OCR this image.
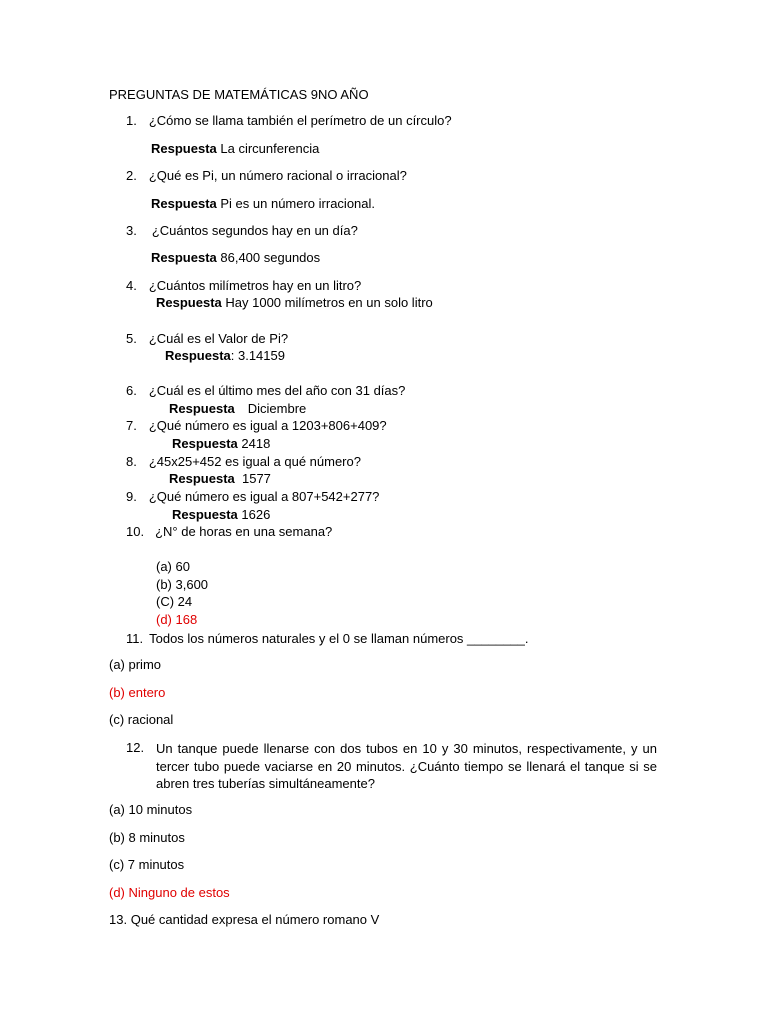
PREGUNTAS DE MATEMÁTICAS 9NO AÑO
1. ¿Cómo se llama también el perímetro de un círculo?
Respuesta La circunferencia
2. ¿Qué es Pi, un número racional o irracional?
Respuesta Pi es un número irracional.
3. ¿Cuántos segundos hay en un día?
Respuesta 86,400 segundos
4. ¿Cuántos milímetros hay en un litro?
Respuesta Hay 1000 milímetros en un solo litro
5. ¿Cuál es el Valor de Pi?
Respuesta: 3.14159
6. ¿Cuál es el último mes del año con 31 días?
Respuesta Diciembre
7. ¿Qué número es igual a 1203+806+409?
Respuesta 2418
8. ¿45x25+452 es igual a qué número?
Respuesta 1577
9. ¿Qué número es igual a 807+542+277?
Respuesta 1626
10. ¿N° de horas en una semana?
(a) 60
(b) 3,600
(C) 24
(d) 168
11. Todos los números naturales y el 0 se llaman números ________.
(a) primo
(b) entero
(c) racional
12. Un tanque puede llenarse con dos tubos en 10 y 30 minutos, respectivamente, y un tercer tubo puede vaciarse en 20 minutos. ¿Cuánto tiempo se llenará el tanque si se abren tres tuberías simultáneamente?
(a) 10 minutos
(b) 8 minutos
(c) 7 minutos
(d) Ninguno de estos
13. Qué cantidad expresa el número romano V
